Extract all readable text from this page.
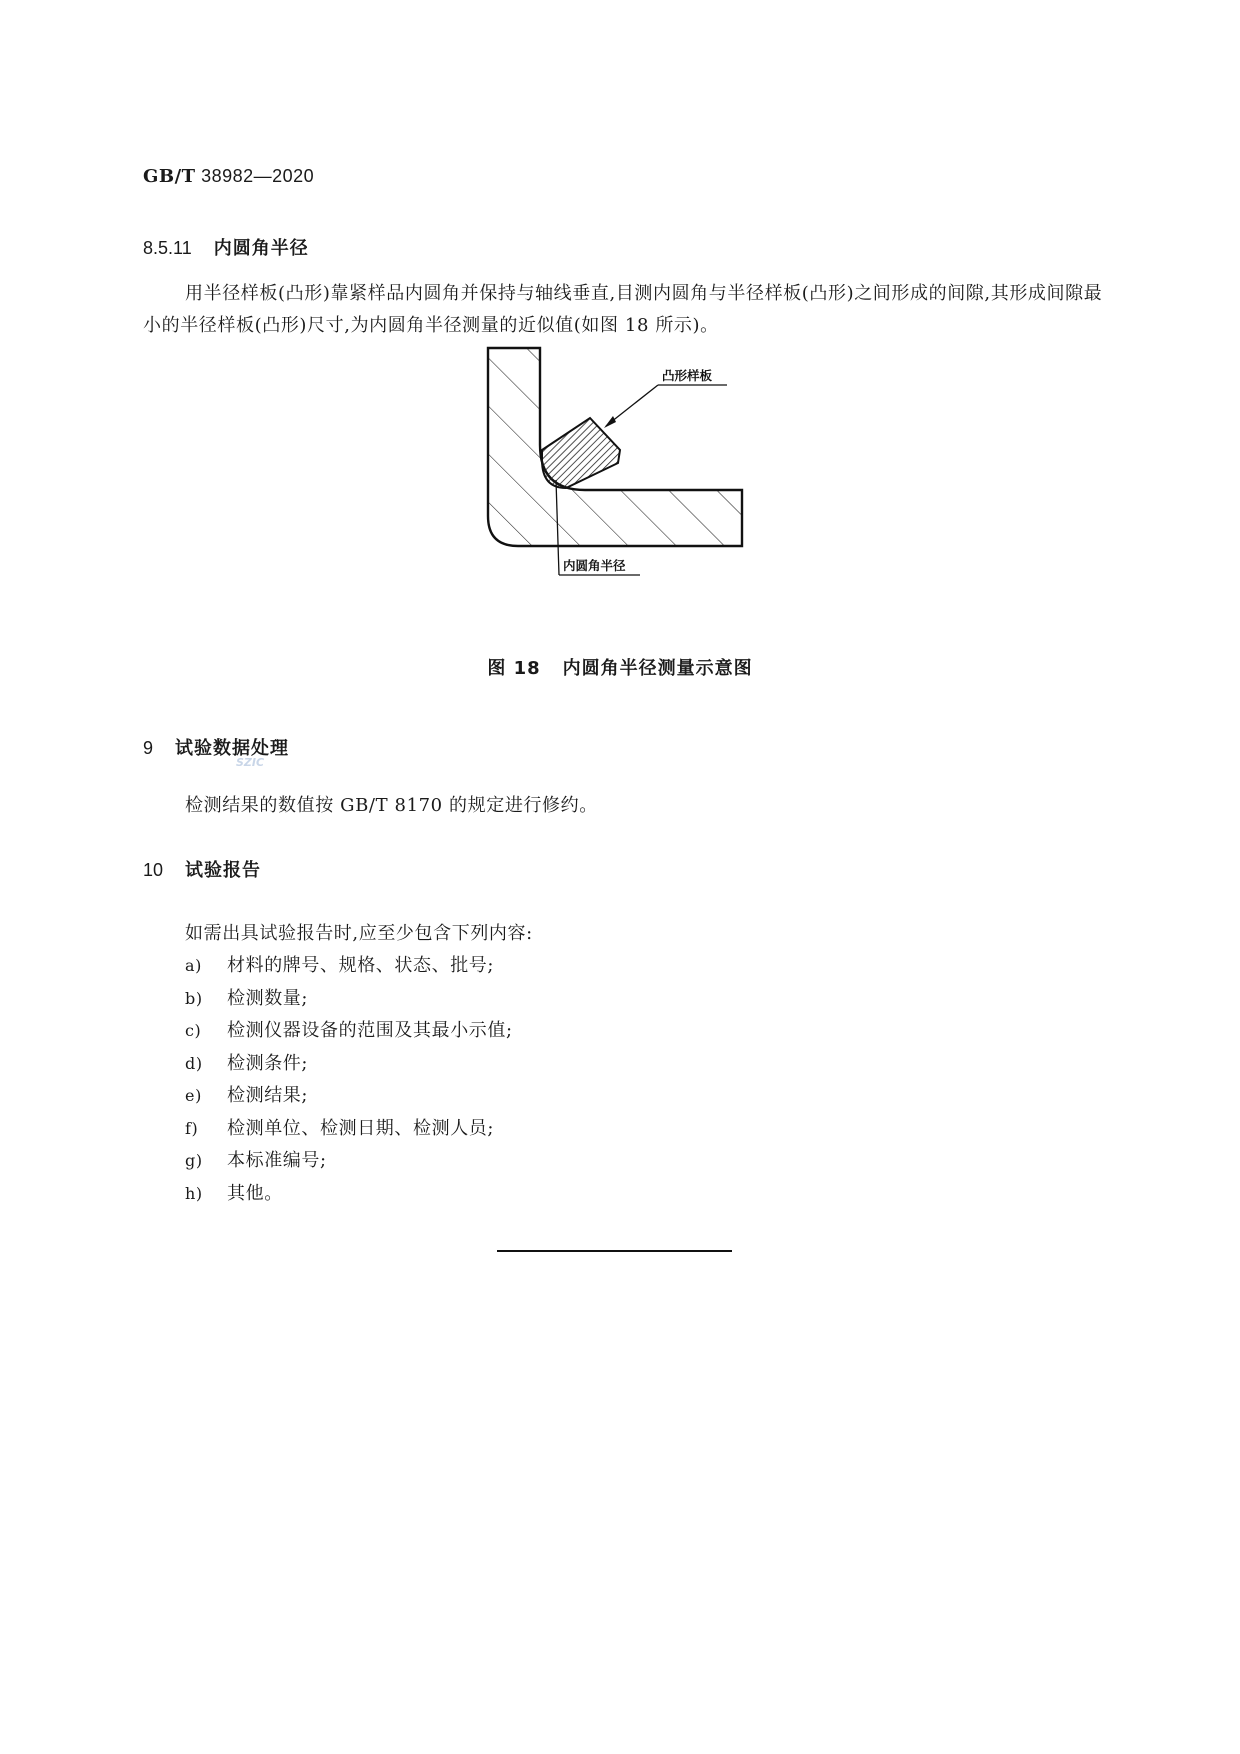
GB/T 38982—2020
8.5.11 内圆角半径
用半径样板(凸形)靠紧样品内圆角并保持与轴线垂直,目测内圆角与半径样板(凸形)之间形成的间隙,其形成间隙最小的半径样板(凸形)尺寸,为内圆角半径测量的近似值(如图 18 所示)。
凸形样板
内圆角半径
图 18 内圆角半径测量示意图
9 试验数据处理
SZIC
检测结果的数值按 GB/T 8170 的规定进行修约。
10 试验报告
如需出具试验报告时,应至少包含下列内容:
a) 材料的牌号、规格、状态、批号;
b) 检测数量;
c) 检测仪器设备的范围及其最小示值;
d) 检测条件;
e) 检测结果;
f) 检测单位、检测日期、检测人员;
g) 本标准编号;
h) 其他。
